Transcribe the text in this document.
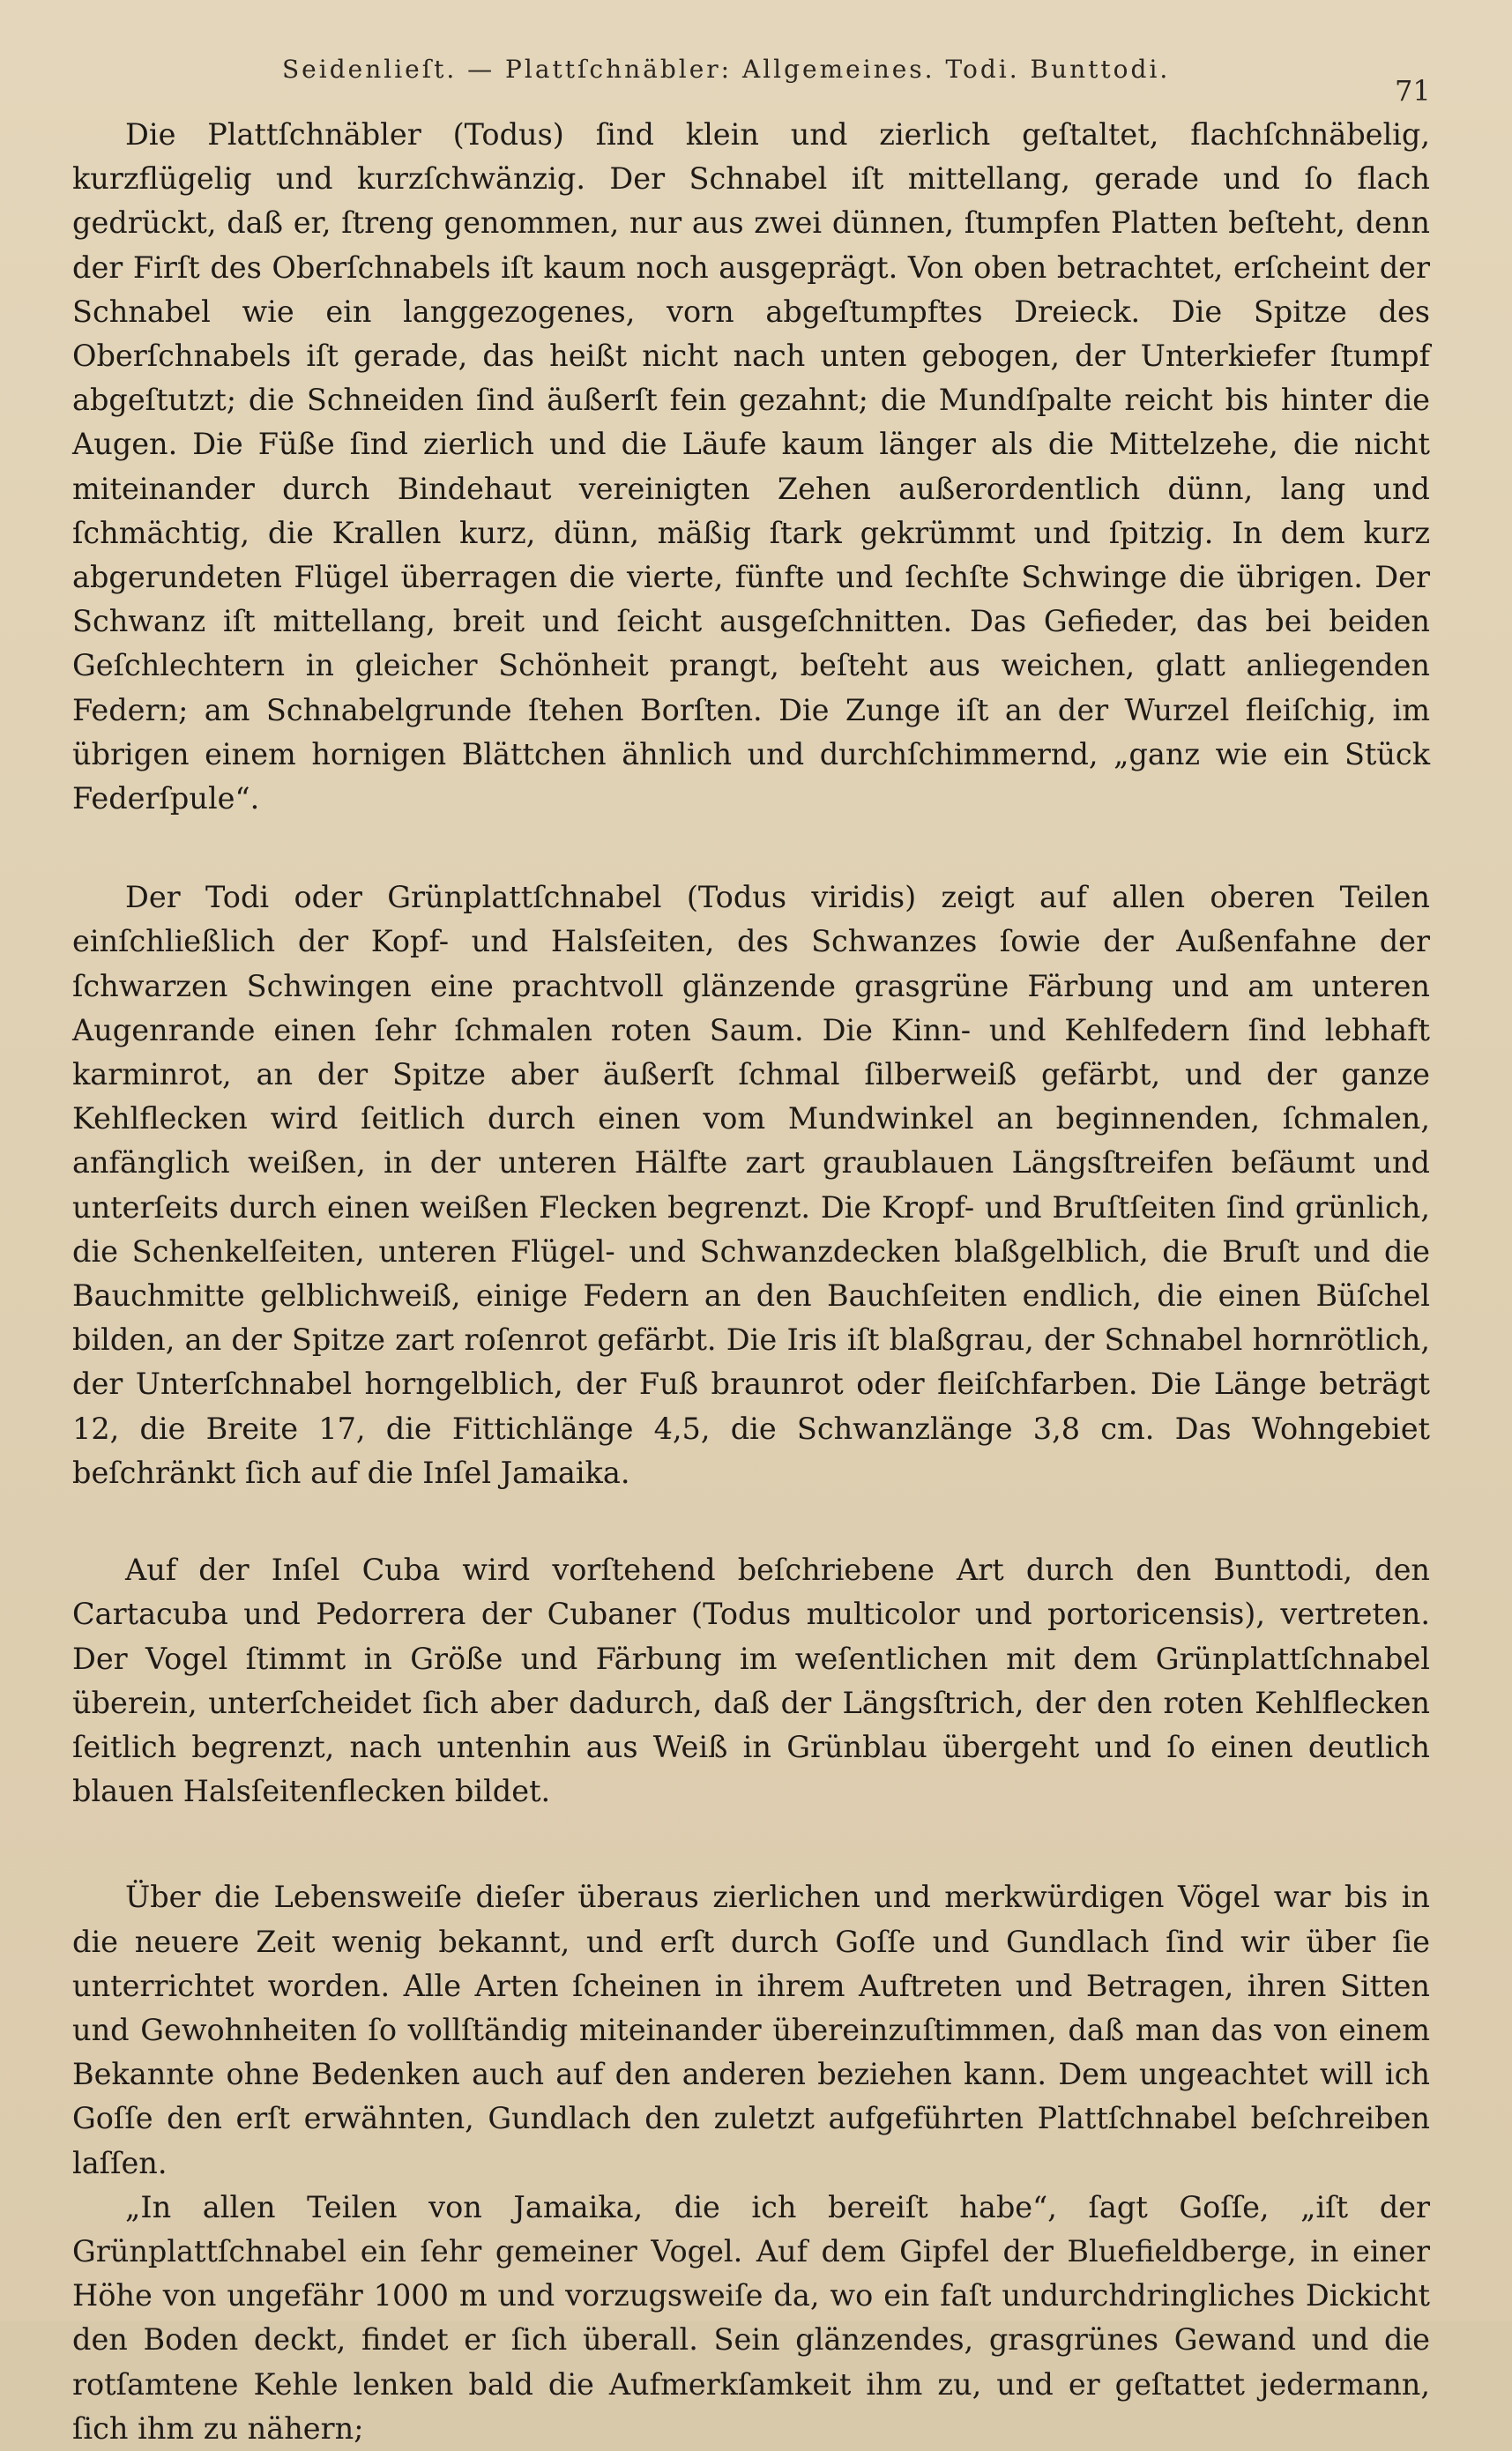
Seidenlieſt. — Plattſchnäbler: Allgemeines. Todi. Bunttodi.
71

Die Plattſchnäbler (Todus) ſind klein und zierlich geſtaltet, flachſchnäbelig, kurzflügelig und kurzſchwänzig. Der Schnabel iſt mittellang, gerade und ſo flach gedrückt, daß er, ſtreng genommen, nur aus zwei dünnen, ſtumpfen Platten beſteht, denn der Firſt des Oberſchnabels iſt kaum noch ausgeprägt. Von oben betrachtet, erſcheint der Schnabel wie ein langgezogenes, vorn abgeſtumpftes Dreieck. Die Spitze des Oberſchnabels iſt gerade, das heißt nicht nach unten gebogen, der Unterkiefer ſtumpf abgeſtutzt; die Schneiden ſind äußerſt fein gezahnt; die Mundſpalte reicht bis hinter die Augen. Die Füße ſind zierlich und die Läufe kaum länger als die Mittelzehe, die nicht miteinander durch Bindehaut vereinigten Zehen außerordentlich dünn, lang und ſchmächtig, die Krallen kurz, dünn, mäßig ſtark gekrümmt und ſpitzig. In dem kurz abgerundeten Flügel überragen die vierte, fünfte und ſechſte Schwinge die übrigen. Der Schwanz iſt mittellang, breit und ſeicht ausgeſchnitten. Das Gefieder, das bei beiden Geſchlechtern in gleicher Schönheit prangt, beſteht aus weichen, glatt anliegenden Federn; am Schnabelgrunde ſtehen Borſten. Die Zunge iſt an der Wurzel fleiſchig, im übrigen einem hornigen Blättchen ähnlich und durchſchimmernd, „ganz wie ein Stück Federſpule“.

Der Todi oder Grünplattſchnabel (Todus viridis) zeigt auf allen oberen Teilen einſchließlich der Kopf- und Halsſeiten, des Schwanzes ſowie der Außenfahne der ſchwarzen Schwingen eine prachtvoll glänzende grasgrüne Färbung und am unteren Augenrande einen ſehr ſchmalen roten Saum. Die Kinn- und Kehlfedern ſind lebhaft karminrot, an der Spitze aber äußerſt ſchmal ſilberweiß gefärbt, und der ganze Kehlflecken wird ſeitlich durch einen vom Mundwinkel an beginnenden, ſchmalen, anfänglich weißen, in der unteren Hälfte zart graublauen Längsſtreifen beſäumt und unterſeits durch einen weißen Flecken begrenzt. Die Kropf- und Bruſtſeiten ſind grünlich, die Schenkelſeiten, unteren Flügel- und Schwanzdecken blaßgelblich, die Bruſt und die Bauchmitte gelblichweiß, einige Federn an den Bauchſeiten endlich, die einen Büſchel bilden, an der Spitze zart roſenrot gefärbt. Die Iris iſt blaßgrau, der Schnabel hornrötlich, der Unterſchnabel horngelblich, der Fuß braunrot oder fleiſchfarben. Die Länge beträgt 12, die Breite 17, die Fittichlänge 4,5, die Schwanzlänge 3,8 cm. Das Wohngebiet beſchränkt ſich auf die Inſel Jamaika.

Auf der Inſel Cuba wird vorſtehend beſchriebene Art durch den Bunttodi, den Cartacuba und Pedorrera der Cubaner (Todus multicolor und portoricensis), vertreten. Der Vogel ſtimmt in Größe und Färbung im weſentlichen mit dem Grünplattſchnabel überein, unterſcheidet ſich aber dadurch, daß der Längsſtrich, der den roten Kehlflecken ſeitlich begrenzt, nach untenhin aus Weiß in Grünblau übergeht und ſo einen deutlich blauen Halsſeitenflecken bildet.

Über die Lebensweiſe dieſer überaus zierlichen und merkwürdigen Vögel war bis in die neuere Zeit wenig bekannt, und erſt durch Goſſe und Gundlach ſind wir über ſie unterrichtet worden. Alle Arten ſcheinen in ihrem Auftreten und Betragen, ihren Sitten und Gewohnheiten ſo vollſtändig miteinander übereinzuſtimmen, daß man das von einem Bekannte ohne Bedenken auch auf den anderen beziehen kann. Dem ungeachtet will ich Goſſe den erſt erwähnten, Gundlach den zuletzt aufgeführten Plattſchnabel beſchreiben laſſen.

„In allen Teilen von Jamaika, die ich bereiſt habe“, ſagt Goſſe, „iſt der Grünplattſchnabel ein ſehr gemeiner Vogel. Auf dem Gipfel der Bluefieldberge, in einer Höhe von ungefähr 1000 m und vorzugsweiſe da, wo ein faſt undurchdringliches Dickicht den Boden deckt, findet er ſich überall. Sein glänzendes, grasgrünes Gewand und die rotſamtene Kehle lenken bald die Aufmerkſamkeit ihm zu, und er geſtattet jedermann, ſich ihm zu nähern;
